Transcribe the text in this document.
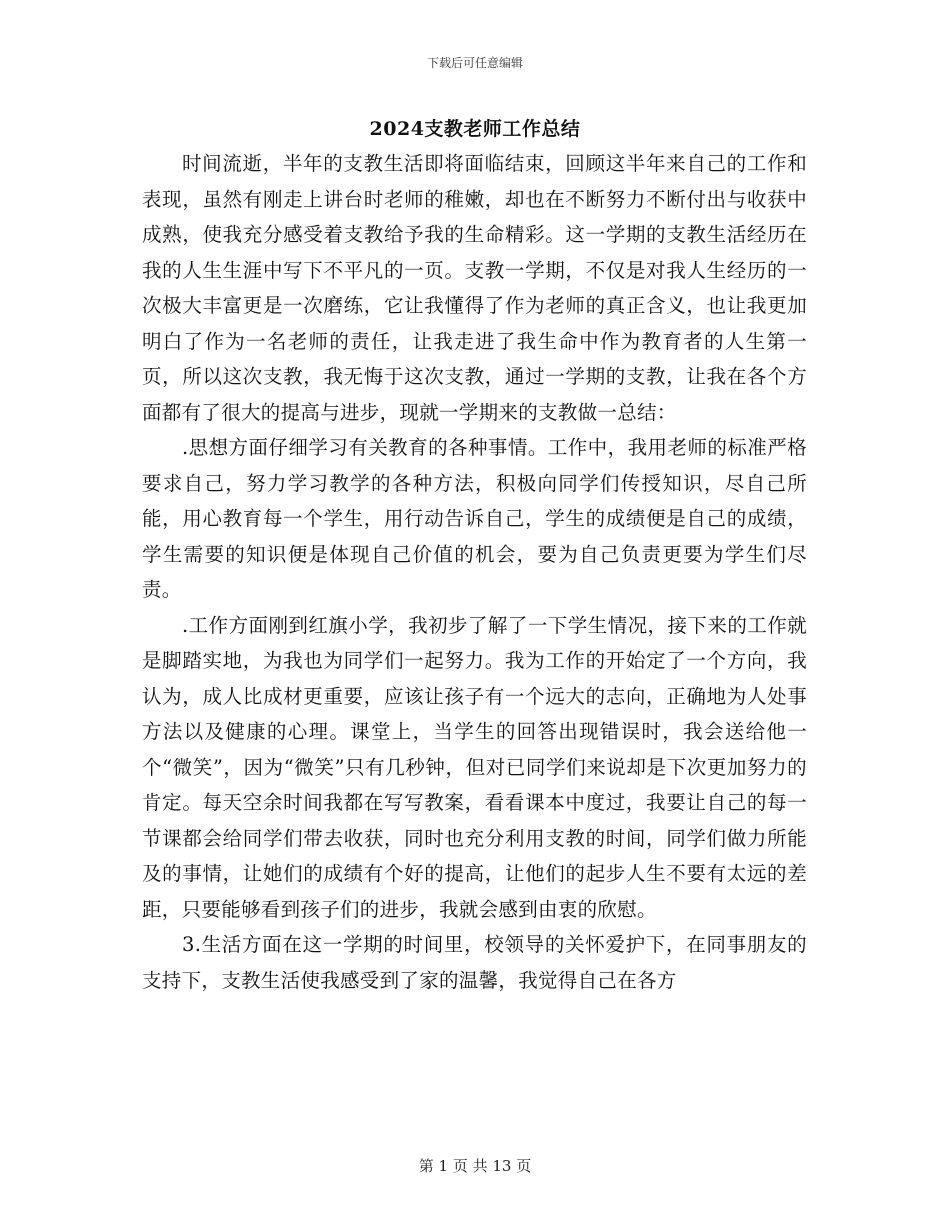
下载后可任意编辑
2024支教老师工作总结

时间流逝，半年的支教生活即将面临结束，回顾这半年来自己的工作和表现，虽然有刚走上讲台时老师的稚嫩，却也在不断努力不断付出与收获中成熟，使我充分感受着支教给予我的生命精彩。这一学期的支教生活经历在我的人生生涯中写下不平凡的一页。支教一学期，不仅是对我人生经历的一次极大丰富更是一次磨练，它让我懂得了作为老师的真正含义，也让我更加明白了作为一名老师的责任，让我走进了我生命中作为教育者的人生第一页，所以这次支教，我无悔于这次支教，通过一学期的支教，让我在各个方面都有了很大的提高与进步，现就一学期来的支教做一总结：

.思想方面仔细学习有关教育的各种事情。工作中，我用老师的标准严格要求自己，努力学习教学的各种方法，积极向同学们传授知识，尽自己所能，用心教育每一个学生，用行动告诉自己，学生的成绩便是自己的成绩，学生需要的知识便是体现自己价值的机会，要为自己负责更要为学生们尽责。

.工作方面刚到红旗小学，我初步了解了一下学生情况，接下来的工作就是脚踏实地，为我也为同学们一起努力。我为工作的开始定了一个方向，我认为，成人比成材更重要，应该让孩子有一个远大的志向，正确地为人处事方法以及健康的心理。课堂上，当学生的回答出现错误时，我会送给他一个“微笑”，因为“微笑”只有几秒钟，但对已同学们来说却是下次更加努力的肯定。每天空余时间我都在写写教案，看看课本中度过，我要让自己的每一节课都会给同学们带去收获，同时也充分利用支教的时间，同学们做力所能及的事情，让她们的成绩有个好的提高，让他们的起步人生不要有太远的差距，只要能够看到孩子们的进步，我就会感到由衷的欣慰。

3.生活方面在这一学期的时间里，校领导的关怀爱护下，在同事朋友的支持下，支教生活使我感受到了家的温馨，我觉得自己在各方

第 1 页 共 13 页
